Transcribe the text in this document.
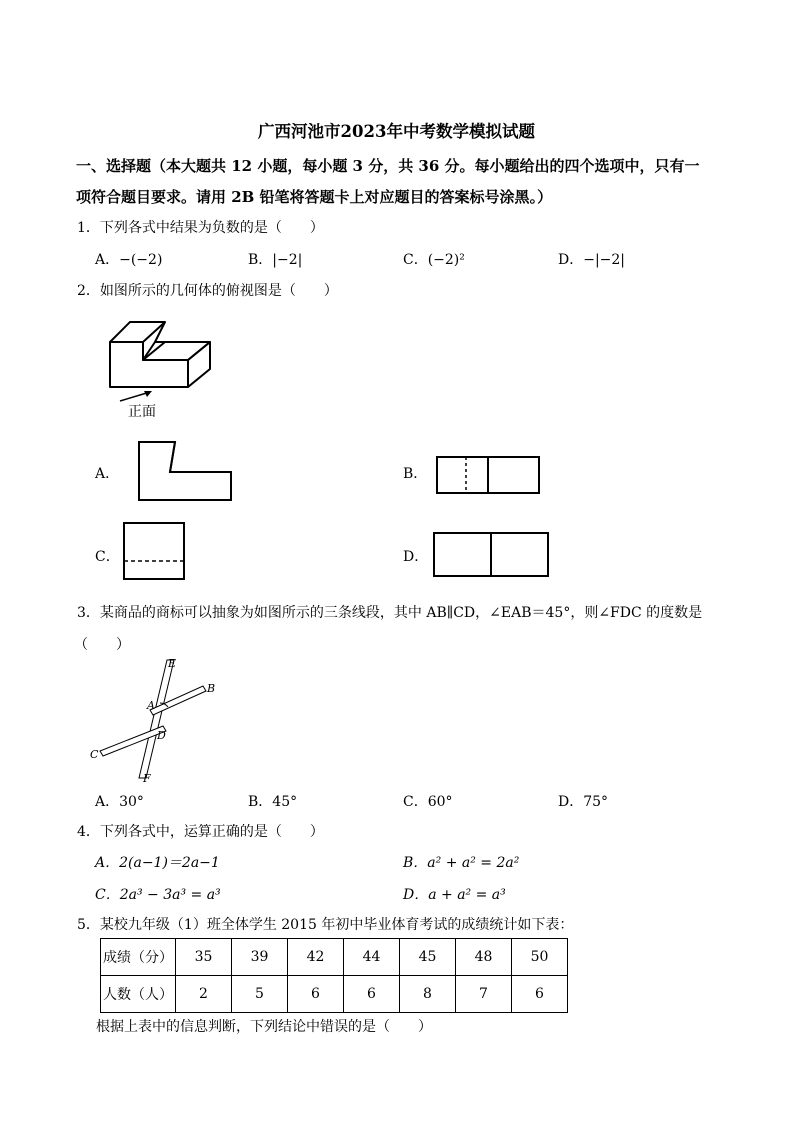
广西河池市2023年中考数学模拟试题
一、选择题（本大题共 12 小题，每小题 3 分，共 36 分。每小题给出的四个选项中，只有一
项符合题目要求。请用 2B 铅笔将答题卡上对应题目的答案标号涂黑。）
1．下列各式中结果为负数的是（　　）
A．−(−2)	B．|−2|	C．(−2)²	D．−|−2|
2．如图所示的几何体的俯视图是（　　）
正面
A．	B．
C．	D．
3．某商品的商标可以抽象为如图所示的三条线段，其中 AB∥CD，∠EAB＝45°，则∠FDC 的度数是
（　　）
E
B
A
D
C
F
A．30°	B．45°	C．60°	D．75°
4．下列各式中，运算正确的是（　　）
A．2(a−1)＝2a−1	B．a² + a² = 2a²
C．2a³ − 3a³ = a³	D．a + a² = a³
5．某校九年级（1）班全体学生 2015 年初中毕业体育考试的成绩统计如下表：
成绩（分）	35	39	42	44	45	48	50
人数（人）	2	5	6	6	8	7	6
根据上表中的信息判断，下列结论中错误的是（　　）
